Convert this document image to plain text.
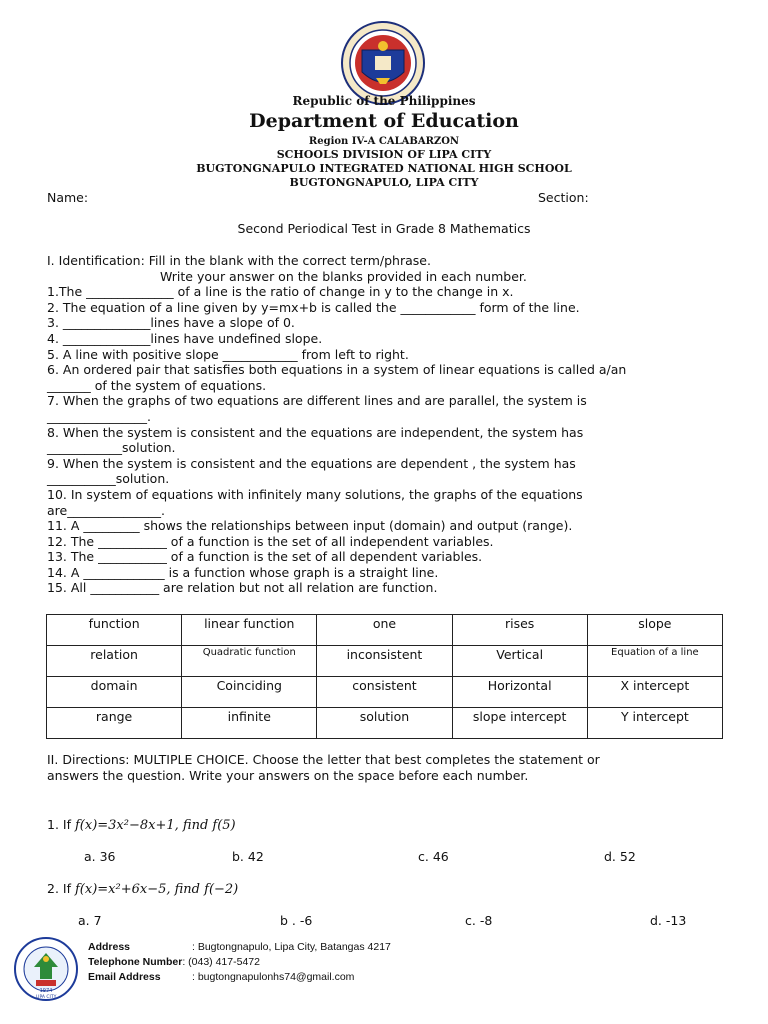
Republic of the Philippines
Department of Education
Region IV-A CALABARZON
SCHOOLS DIVISION OF LIPA CITY
BUGTONGNAPULO INTEGRATED NATIONAL HIGH SCHOOL
BUGTONGNAPULO, LIPA CITY
Name:	Section:
Second Periodical Test in Grade 8 Mathematics

I. Identification: Fill in the blank with the correct term/phrase.

Write your answer on the blanks provided in each number.

1.The ______________ of a line is the ratio of change in y to the change in x.

2. The equation of a line given by y=mx+b is called the ____________ form of the line.

3. ______________lines have a slope of 0.

4. ______________lines have undefined slope.

5. A line with positive slope ____________ from left to right.

6. An ordered pair that satisfies both equations in a system of linear equations is called a/an

_______ of the system of equations.

7. When the graphs of two equations are different lines and are parallel, the system is

________________.

8. When the system is consistent and the equations are independent, the system has

____________solution.

9. When the system is consistent and the equations are dependent , the system has

___________solution.

10. In system of equations with infinitely many solutions, the graphs of the equations

are_______________.

11. A _________ shows the relationships between input (domain) and output (range).

12. The ___________ of a function is the set of all independent variables.

13. The ___________ of a function is the set of all dependent variables.

14. A _____________ is a function whose graph is a straight line.

15. All ___________ are relation but not all relation are function.

function	linear function	one	rises	slope
relation	Quadratic function	inconsistent	Vertical	Equation of a line
domain	Coinciding	consistent	Horizontal	X intercept
range	infinite	solution	slope intercept	Y intercept

II. Directions: MULTIPLE CHOICE. Choose the letter that best completes the statement or

answers the question. Write your answers on the space before each number.

1. If f(x)=3x²−8x+1, find f(5)
a. 36	b. 42	c. 46	d. 52
2. If f(x)=x²+6x−5, find f(−2)
a. 7	b . -6	c. -8	d. -13
1974
LIPA CITY
Address	: Bugtongnapulo, Lipa City, Batangas 4217
Telephone Number: (043) 417-5472
Email Address	: bugtongnapulonhs74@gmail.com
